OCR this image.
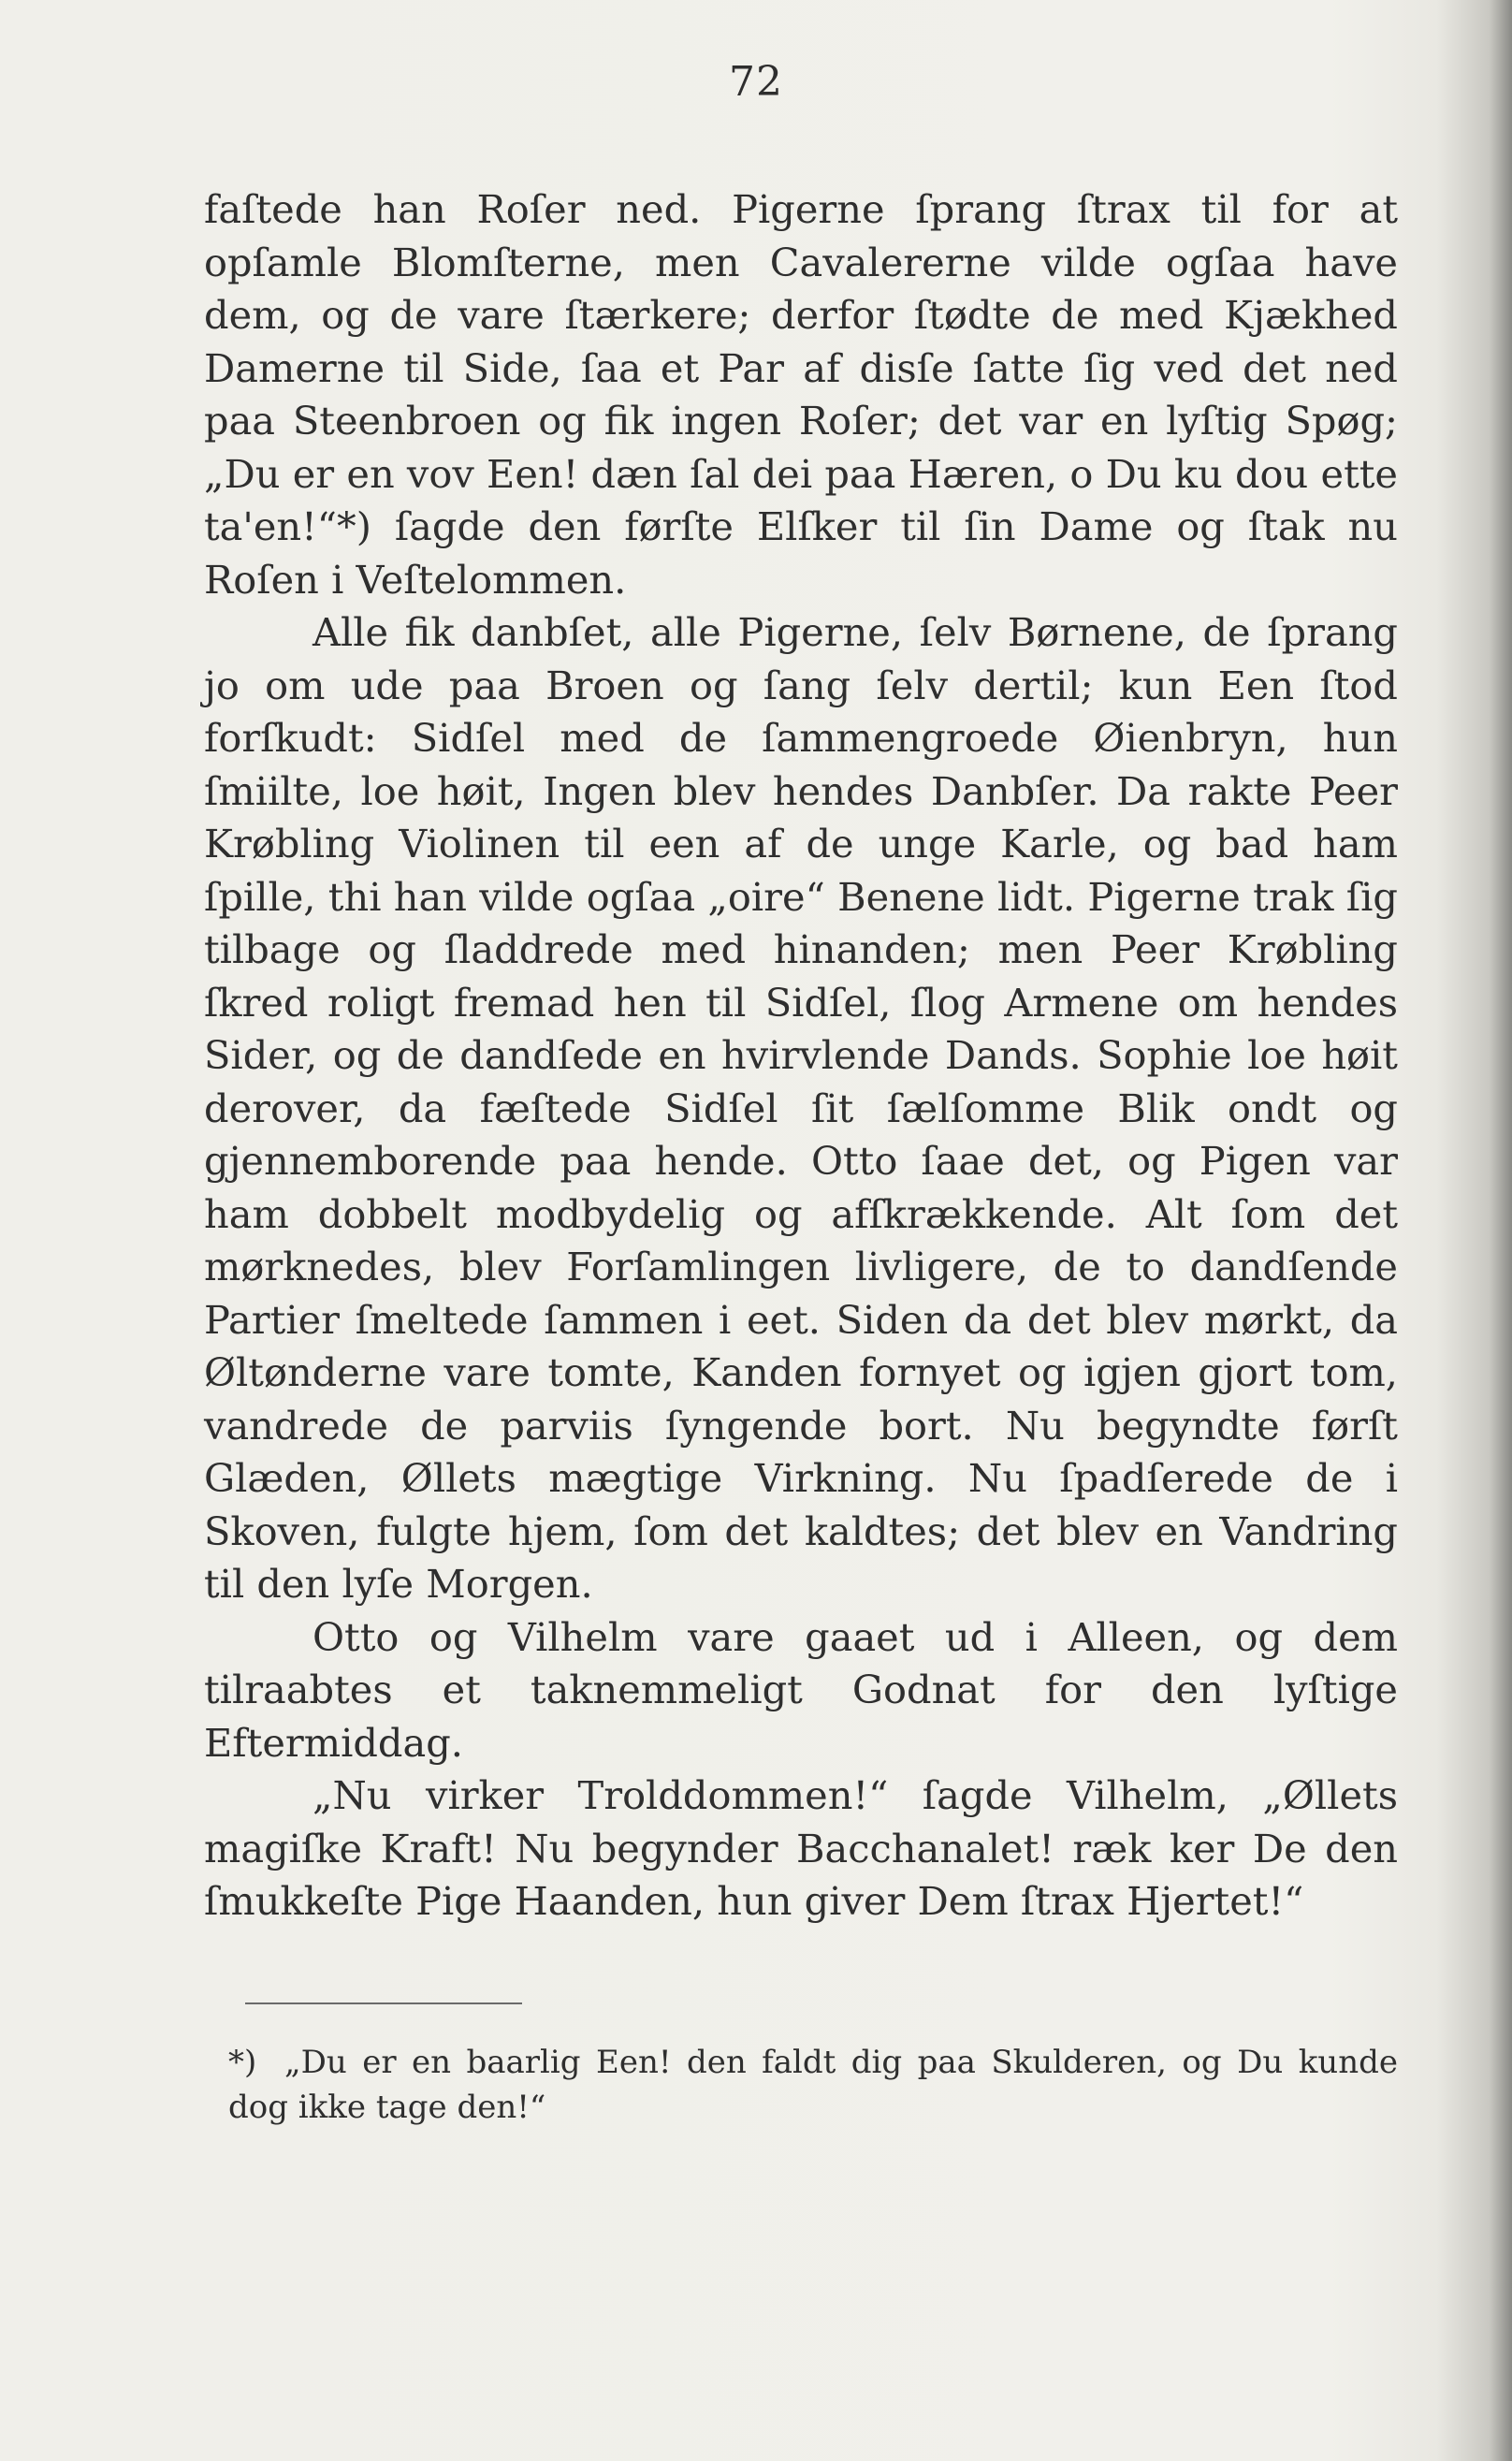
72

faſtede han Roſer ned. Pigerne ſprang ſtrax til for at opſamle Blomſterne, men Cavalererne vilde ogſaa have dem, og de vare ſtærkere; derfor ſtødte de med Kjækhed Damerne til Side, ſaa et Par af disſe ſatte ſig ved det ned paa Steenbroen og fik ingen Roſer; det var en lyſtig Spøg; „Du er en vov Een! dæn ſal dei paa Hæren, o Du ku dou ette ta'en!“*) ſagde den førſte Elſker til ſin Dame og ſtak nu Roſen i Veſtelommen.

Alle fik danbſet, alle Pigerne, ſelv Børnene, de ſprang jo om ude paa Broen og ſang ſelv dertil; kun Een ſtod forſkudt: Sidſel med de ſammengroede Øienbryn, hun ſmiilte, loe høit, Ingen blev hendes Danbſer. Da rakte Peer Krøbling Violinen til een af de unge Karle, og bad ham ſpille, thi han vilde ogſaa „oire“ Benene lidt. Pigerne trak ſig tilbage og ſladdrede med hinanden; men Peer Krøbling ſkred roligt fremad hen til Sidſel, ſlog Armene om hendes Sider, og de dandſede en hvirvlende Dands. Sophie loe høit derover, da fæſtede Sidſel ſit ſælſomme Blik ondt og gjennemborende paa hende. Otto ſaae det, og Pigen var ham dobbelt modbydelig og afſkrækkende. Alt ſom det mørknedes, blev Forſamlingen livligere, de to dandſende Partier ſmeltede ſammen i eet. Siden da det blev mørkt, da Øltønderne vare tomte, Kanden fornyet og igjen gjort tom, vandrede de parviis ſyngende bort. Nu begyndte førſt Glæden, Øllets mægtige Virkning. Nu ſpadſerede de i Skoven, fulgte hjem, ſom det kaldtes; det blev en Vandring til den lyſe Morgen.

Otto og Vilhelm vare gaaet ud i Alleen, og dem tilraabtes et taknemmeligt Godnat for den lyſtige Eftermiddag.

„Nu virker Trolddommen!“ ſagde Vilhelm, „Øllets magiſke Kraft! Nu begynder Bacchanalet! ræk ker De den ſmukkeſte Pige Haanden, hun giver Dem ſtrax Hjertet!“

*) „Du er en baarlig Een! den faldt dig paa Skulderen, og Du kunde dog ikke tage den!“
